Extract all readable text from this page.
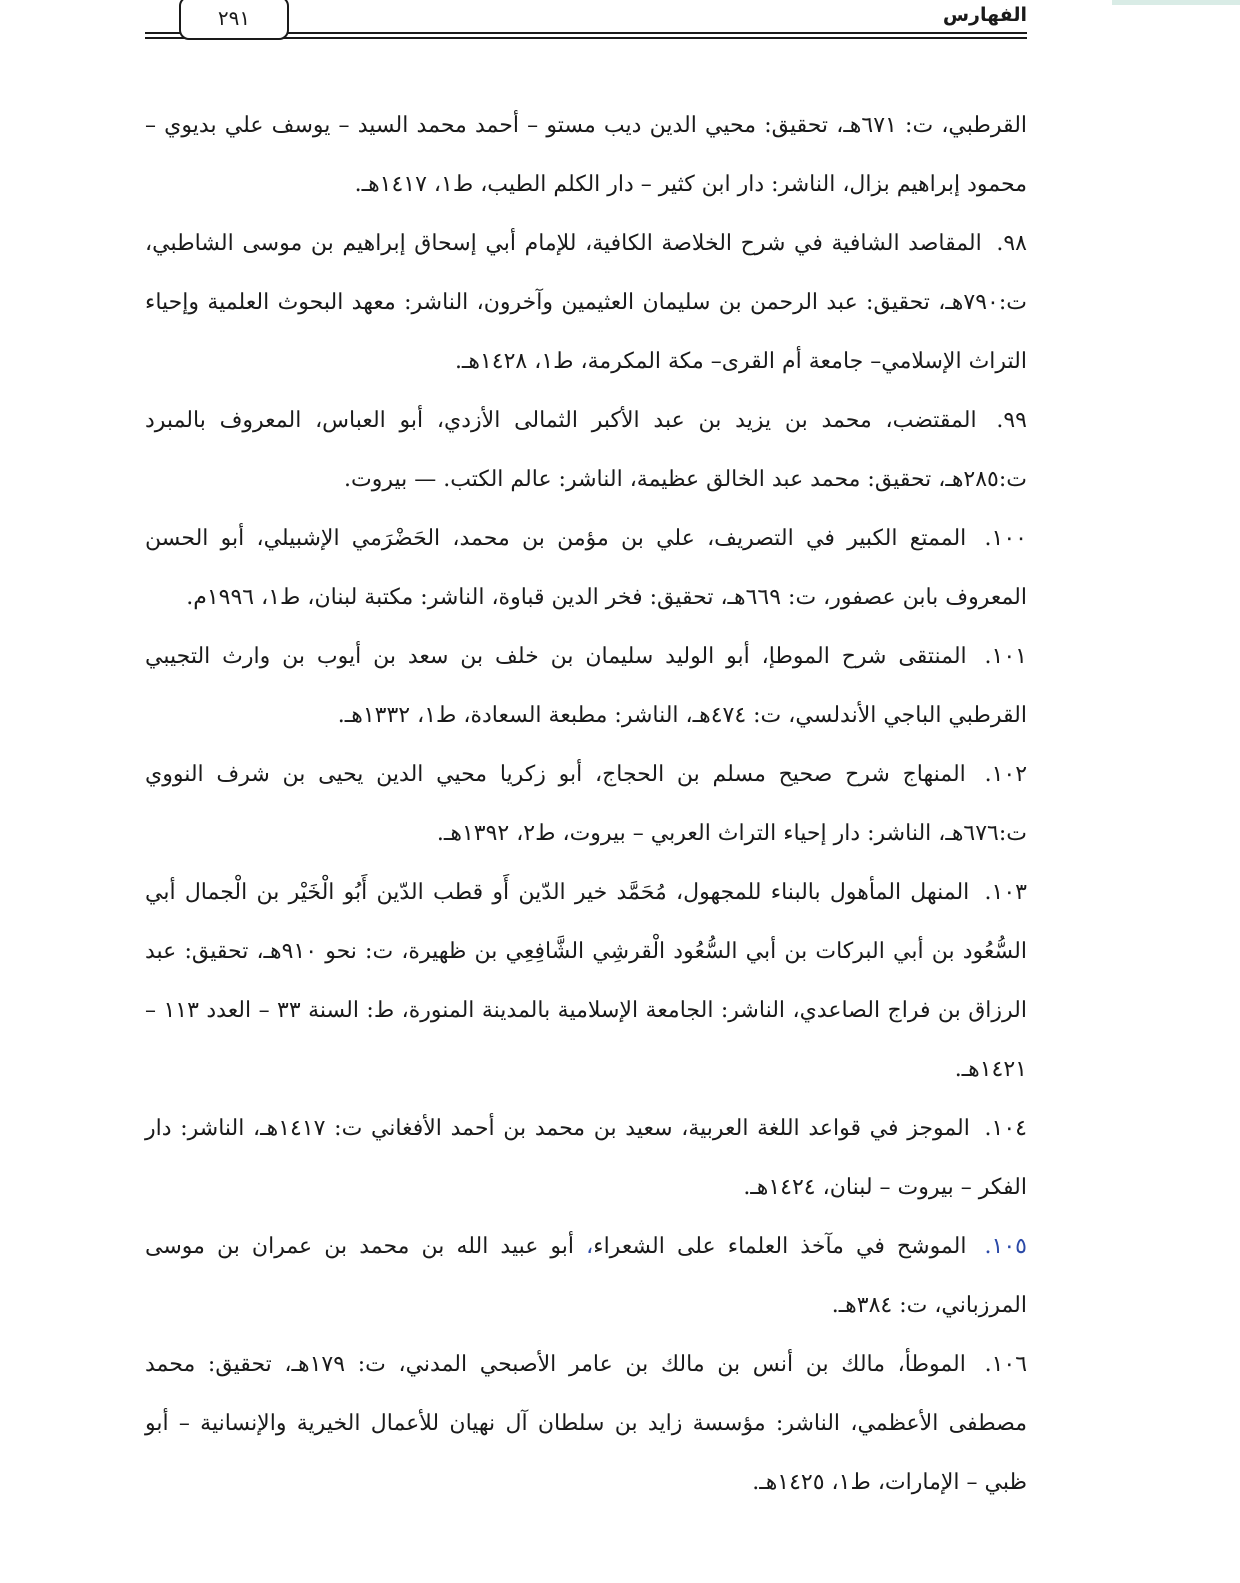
الفهارس
٢٩١

القرطبي، ت: ٦٧١هـ، تحقيق: محيي الدين ديب مستو – أحمد محمد السيد – يوسف علي بديوي – محمود إبراهيم بزال، الناشر: دار ابن كثير – دار الكلم الطيب، ط١، ١٤١٧هـ.

٩٨. المقاصد الشافية في شرح الخلاصة الكافية، للإمام أبي إسحاق إبراهيم بن موسى الشاطبي، ت:٧٩٠هـ، تحقيق: عبد الرحمن بن سليمان العثيمين وآخرون، الناشر: معهد البحوث العلمية وإحياء التراث الإسلامي– جامعة أم القرى– مكة المكرمة، ط١، ١٤٢٨هـ.

٩٩. المقتضب، محمد بن يزيد بن عبد الأكبر الثمالى الأزدي، أبو العباس، المعروف بالمبرد ت:٢٨٥هـ، تحقيق: محمد عبد الخالق عظيمة، الناشر: عالم الكتب. — بيروت.

١٠٠. الممتع الكبير في التصريف، علي بن مؤمن بن محمد، الحَضْرَمي الإشبيلي، أبو الحسن المعروف بابن عصفور، ت: ٦٦٩هـ، تحقيق: فخر الدين قباوة، الناشر: مكتبة لبنان، ط١، ١٩٩٦م.

١٠١. المنتقى شرح الموطإ، أبو الوليد سليمان بن خلف بن سعد بن أيوب بن وارث التجيبي القرطبي الباجي الأندلسي، ت: ٤٧٤هـ، الناشر: مطبعة السعادة، ط١، ١٣٣٢هـ.

١٠٢. المنهاج شرح صحيح مسلم بن الحجاج، أبو زكريا محيي الدين يحيى بن شرف النووي ت:٦٧٦هـ، الناشر: دار إحياء التراث العربي – بيروت، ط٢، ١٣٩٢هـ.

١٠٣. المنهل المأهول بالبناء للمجهول، مُحَمَّد خير الدّين أَو قطب الدّين أَبُو الْخَيْر بن الْجمال أبي السُّعُود بن أبي البركات بن أبي السُّعُود الْقرشِي الشَّافِعِي بن ظهيرة، ت: نحو ٩١٠هـ، تحقيق: عبد الرزاق بن فراج الصاعدي، الناشر: الجامعة الإسلامية بالمدينة المنورة، ط: السنة ٣٣ – العدد ١١٣ – ١٤٢١هـ.

١٠٤. الموجز في قواعد اللغة العربية، سعيد بن محمد بن أحمد الأفغاني ت: ١٤١٧هـ، الناشر: دار الفكر – بيروت – لبنان، ١٤٢٤هـ.

١٠٥. الموشح في مآخذ العلماء على الشعراء، أبو عبيد الله بن محمد بن عمران بن موسى المرزباني، ت: ٣٨٤هـ.

١٠٦. الموطأ، مالك بن أنس بن مالك بن عامر الأصبحي المدني، ت: ١٧٩هـ، تحقيق: محمد مصطفى الأعظمي، الناشر: مؤسسة زايد بن سلطان آل نهيان للأعمال الخيرية والإنسانية – أبو ظبي – الإمارات، ط١، ١٤٢٥هـ.
